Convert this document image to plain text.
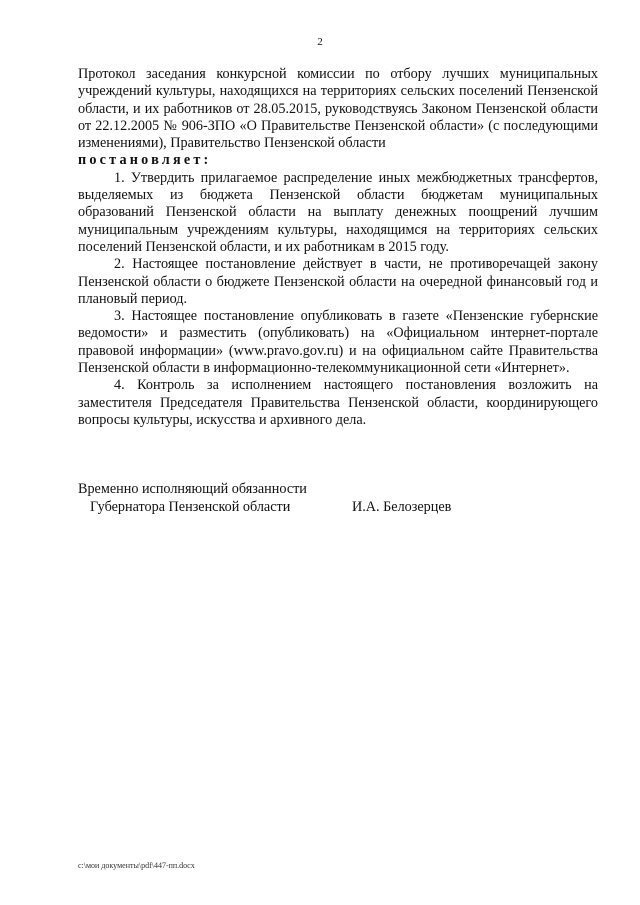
2

Протокол заседания конкурсной комиссии по отбору лучших муниципальных учреждений культуры, находящихся на территориях сельских поселений Пензенской области, и их работников от 28.05.2015, руководствуясь Законом Пензенской области от 22.12.2005 № 906-ЗПО «О Правительстве Пензенской области» (с последующими изменениями), Правительство Пензенской области

постановляет:

1. Утвердить прилагаемое распределение иных межбюджетных трансфертов, выделяемых из бюджета Пензенской области бюджетам муниципальных образований Пензенской области на выплату денежных поощрений лучшим муниципальным учреждениям культуры, находящимся на территориях сельских поселений Пензенской области, и их работникам в 2015 году.

2. Настоящее постановление действует в части, не противоречащей закону Пензенской области о бюджете Пензенской области на очередной финансовый год и плановый период.

3. Настоящее постановление опубликовать в газете «Пензенские губернские ведомости» и разместить (опубликовать) на «Официальном интернет-портале правовой информации» (www.pravo.gov.ru) и на официальном сайте Правительства Пензенской области в информационно-телекоммуникационной сети «Интернет».

4. Контроль за исполнением настоящего постановления возложить на заместителя Председателя Правительства Пензенской области, координирующего вопросы культуры, искусства и архивного дела.

Временно исполняющий обязанности

Губернатора Пензенской области	И.А. Белозерцев
c:\мои документы\pdf\447-пп.docx
